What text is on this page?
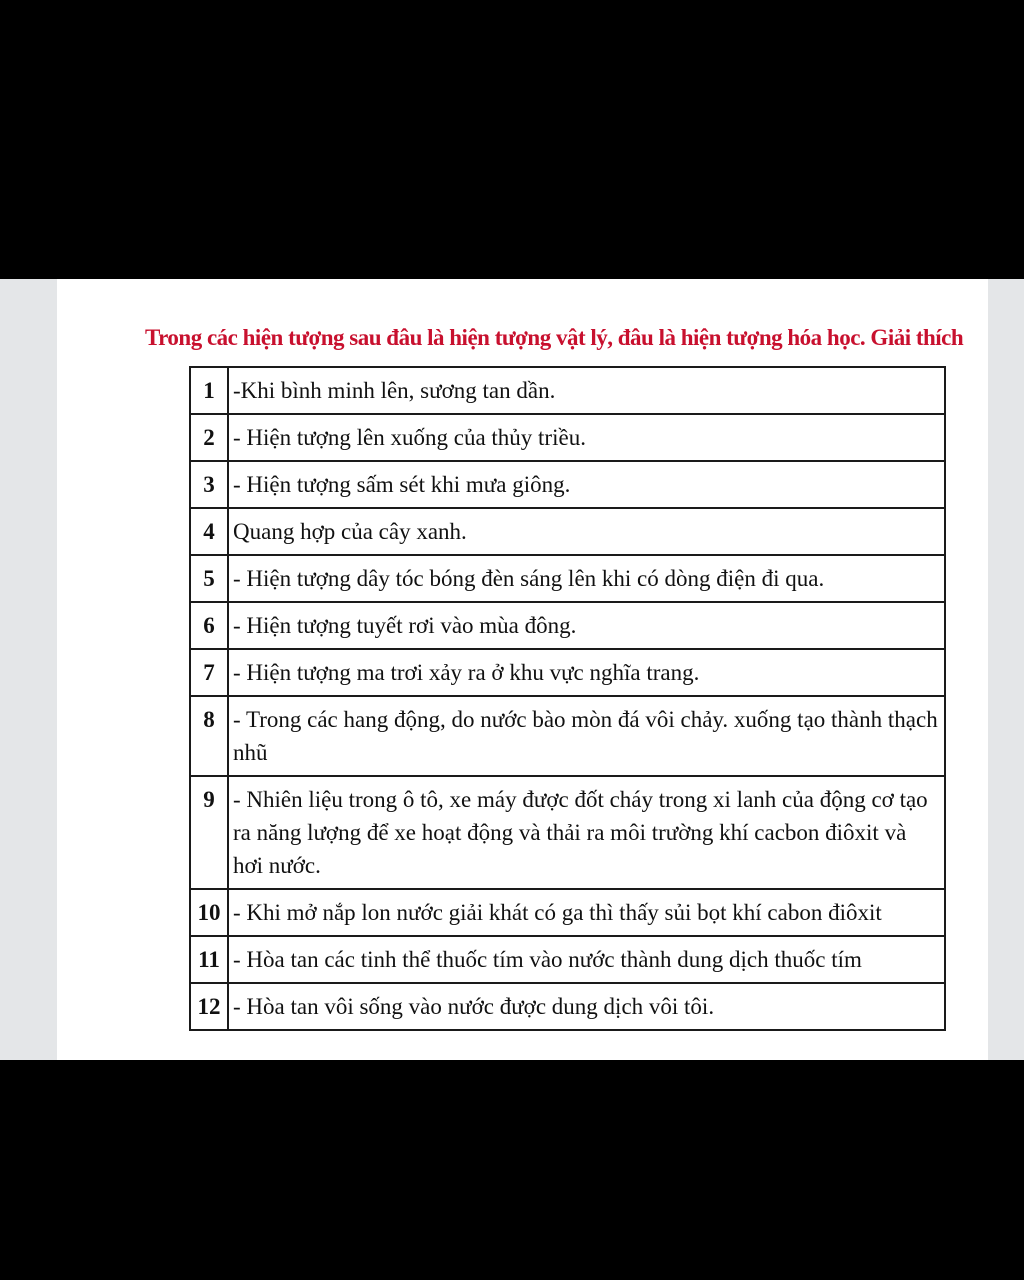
Trong các hiện tượng sau đâu là hiện tượng vật lý, đâu là hiện tượng hóa học. Giải thích
1	-Khi bình minh lên, sương tan dần.
2	- Hiện tượng lên xuống của thủy triều.
3	- Hiện tượng sấm sét khi mưa giông.
4	Quang hợp của cây xanh.
5	- Hiện tượng dây tóc bóng đèn sáng lên khi có dòng điện đi qua.
6	- Hiện tượng tuyết rơi vào mùa đông.
7	- Hiện tượng ma trơi xảy ra ở khu vực nghĩa trang.
8	- Trong các hang động, do nước bào mòn đá vôi chảy. xuống tạo thành thạch nhũ
9	- Nhiên liệu trong ô tô, xe máy được đốt cháy trong xi lanh của động cơ tạo ra năng lượng để xe hoạt động và thải ra môi trường khí cacbon điôxit và hơi nước.
10	- Khi mở nắp lon nước giải khát có ga thì thấy sủi bọt khí cabon điôxit
11	- Hòa tan các tinh thể thuốc tím vào nước thành dung dịch thuốc tím
12	- Hòa tan vôi sống vào nước được dung dịch vôi tôi.
